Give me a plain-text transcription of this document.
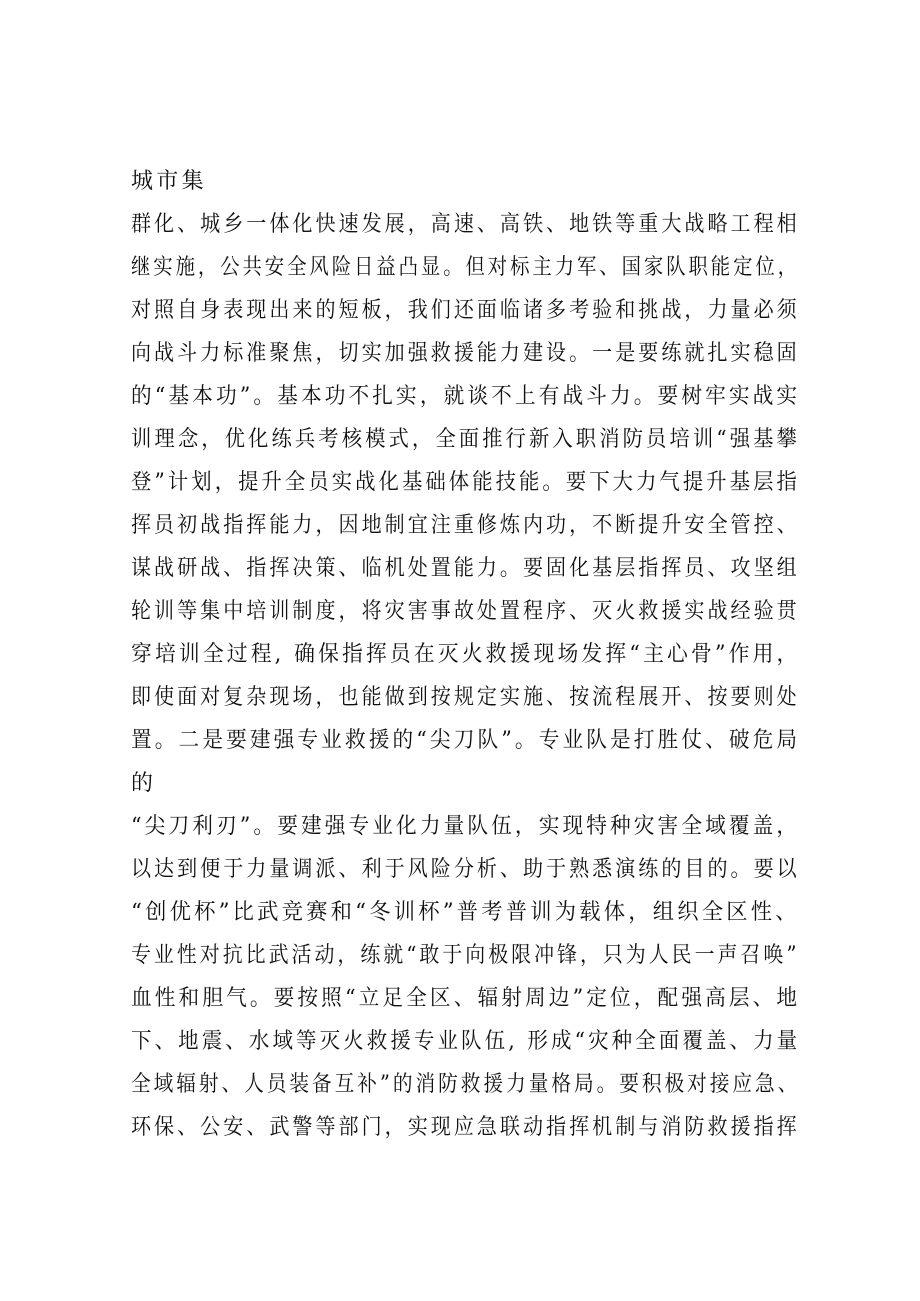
城市集
群化、城乡一体化快速发展，高速、高铁、地铁等重大战略工程相
继实施，公共安全风险日益凸显。但对标主力军、国家队职能定位，
对照自身表现出来的短板，我们还面临诸多考验和挑战，力量必须
向战斗力标准聚焦，切实加强救援能力建设。一是要练就扎实稳固
的“基本功”。基本功不扎实，就谈不上有战斗力。要树牢实战实
训理念，优化练兵考核模式，全面推行新入职消防员培训“强基攀
登”计划，提升全员实战化基础体能技能。要下大力气提升基层指
挥员初战指挥能力，因地制宜注重修炼内功，不断提升安全管控、
谋战研战、指挥决策、临机处置能力。要固化基层指挥员、攻坚组
轮训等集中培训制度，将灾害事故处置程序、灭火救援实战经验贯
穿培训全过程, 确保指挥员在灭火救援现场发挥“主心骨”作用，
即使面对复杂现场，也能做到按规定实施、按流程展开、按要则处
置。二是要建强专业救援的“尖刀队”。专业队是打胜仗、破危局
的
“尖刀利刃”。要建强专业化力量队伍，实现特种灾害全域覆盖，
以达到便于力量调派、利于风险分析、助于熟悉演练的目的。要以
“创优杯”比武竞赛和“冬训杯”普考普训为载体，组织全区性、
专业性对抗比武活动，练就“敢于向极限冲锋，只为人民一声召唤”
血性和胆气。要按照“立足全区、辐射周边”定位，配强高层、地
下、地震、水域等灭火救援专业队伍, 形成“灾种全面覆盖、力量
全域辐射、人员装备互补”的消防救援力量格局。要积极对接应急、
环保、公安、武警等部门，实现应急联动指挥机制与消防救援指挥
